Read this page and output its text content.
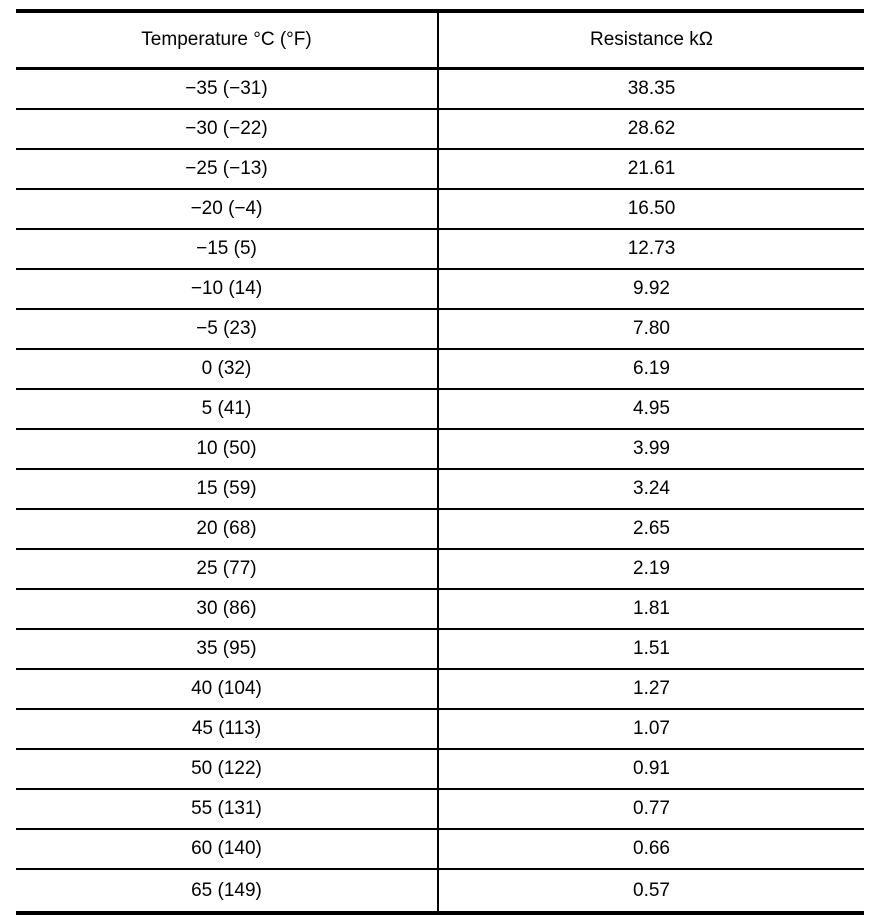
Temperature °C (°F)	Resistance kΩ
−35 (−31)	38.35
−30 (−22)	28.62
−25 (−13)	21.61
−20 (−4)	16.50
−15 (5)	12.73
−10 (14)	9.92
−5 (23)	7.80
0 (32)	6.19
5 (41)	4.95
10 (50)	3.99
15 (59)	3.24
20 (68)	2.65
25 (77)	2.19
30 (86)	1.81
35 (95)	1.51
40 (104)	1.27
45 (113)	1.07
50 (122)	0.91
55 (131)	0.77
60 (140)	0.66
65 (149)	0.57
